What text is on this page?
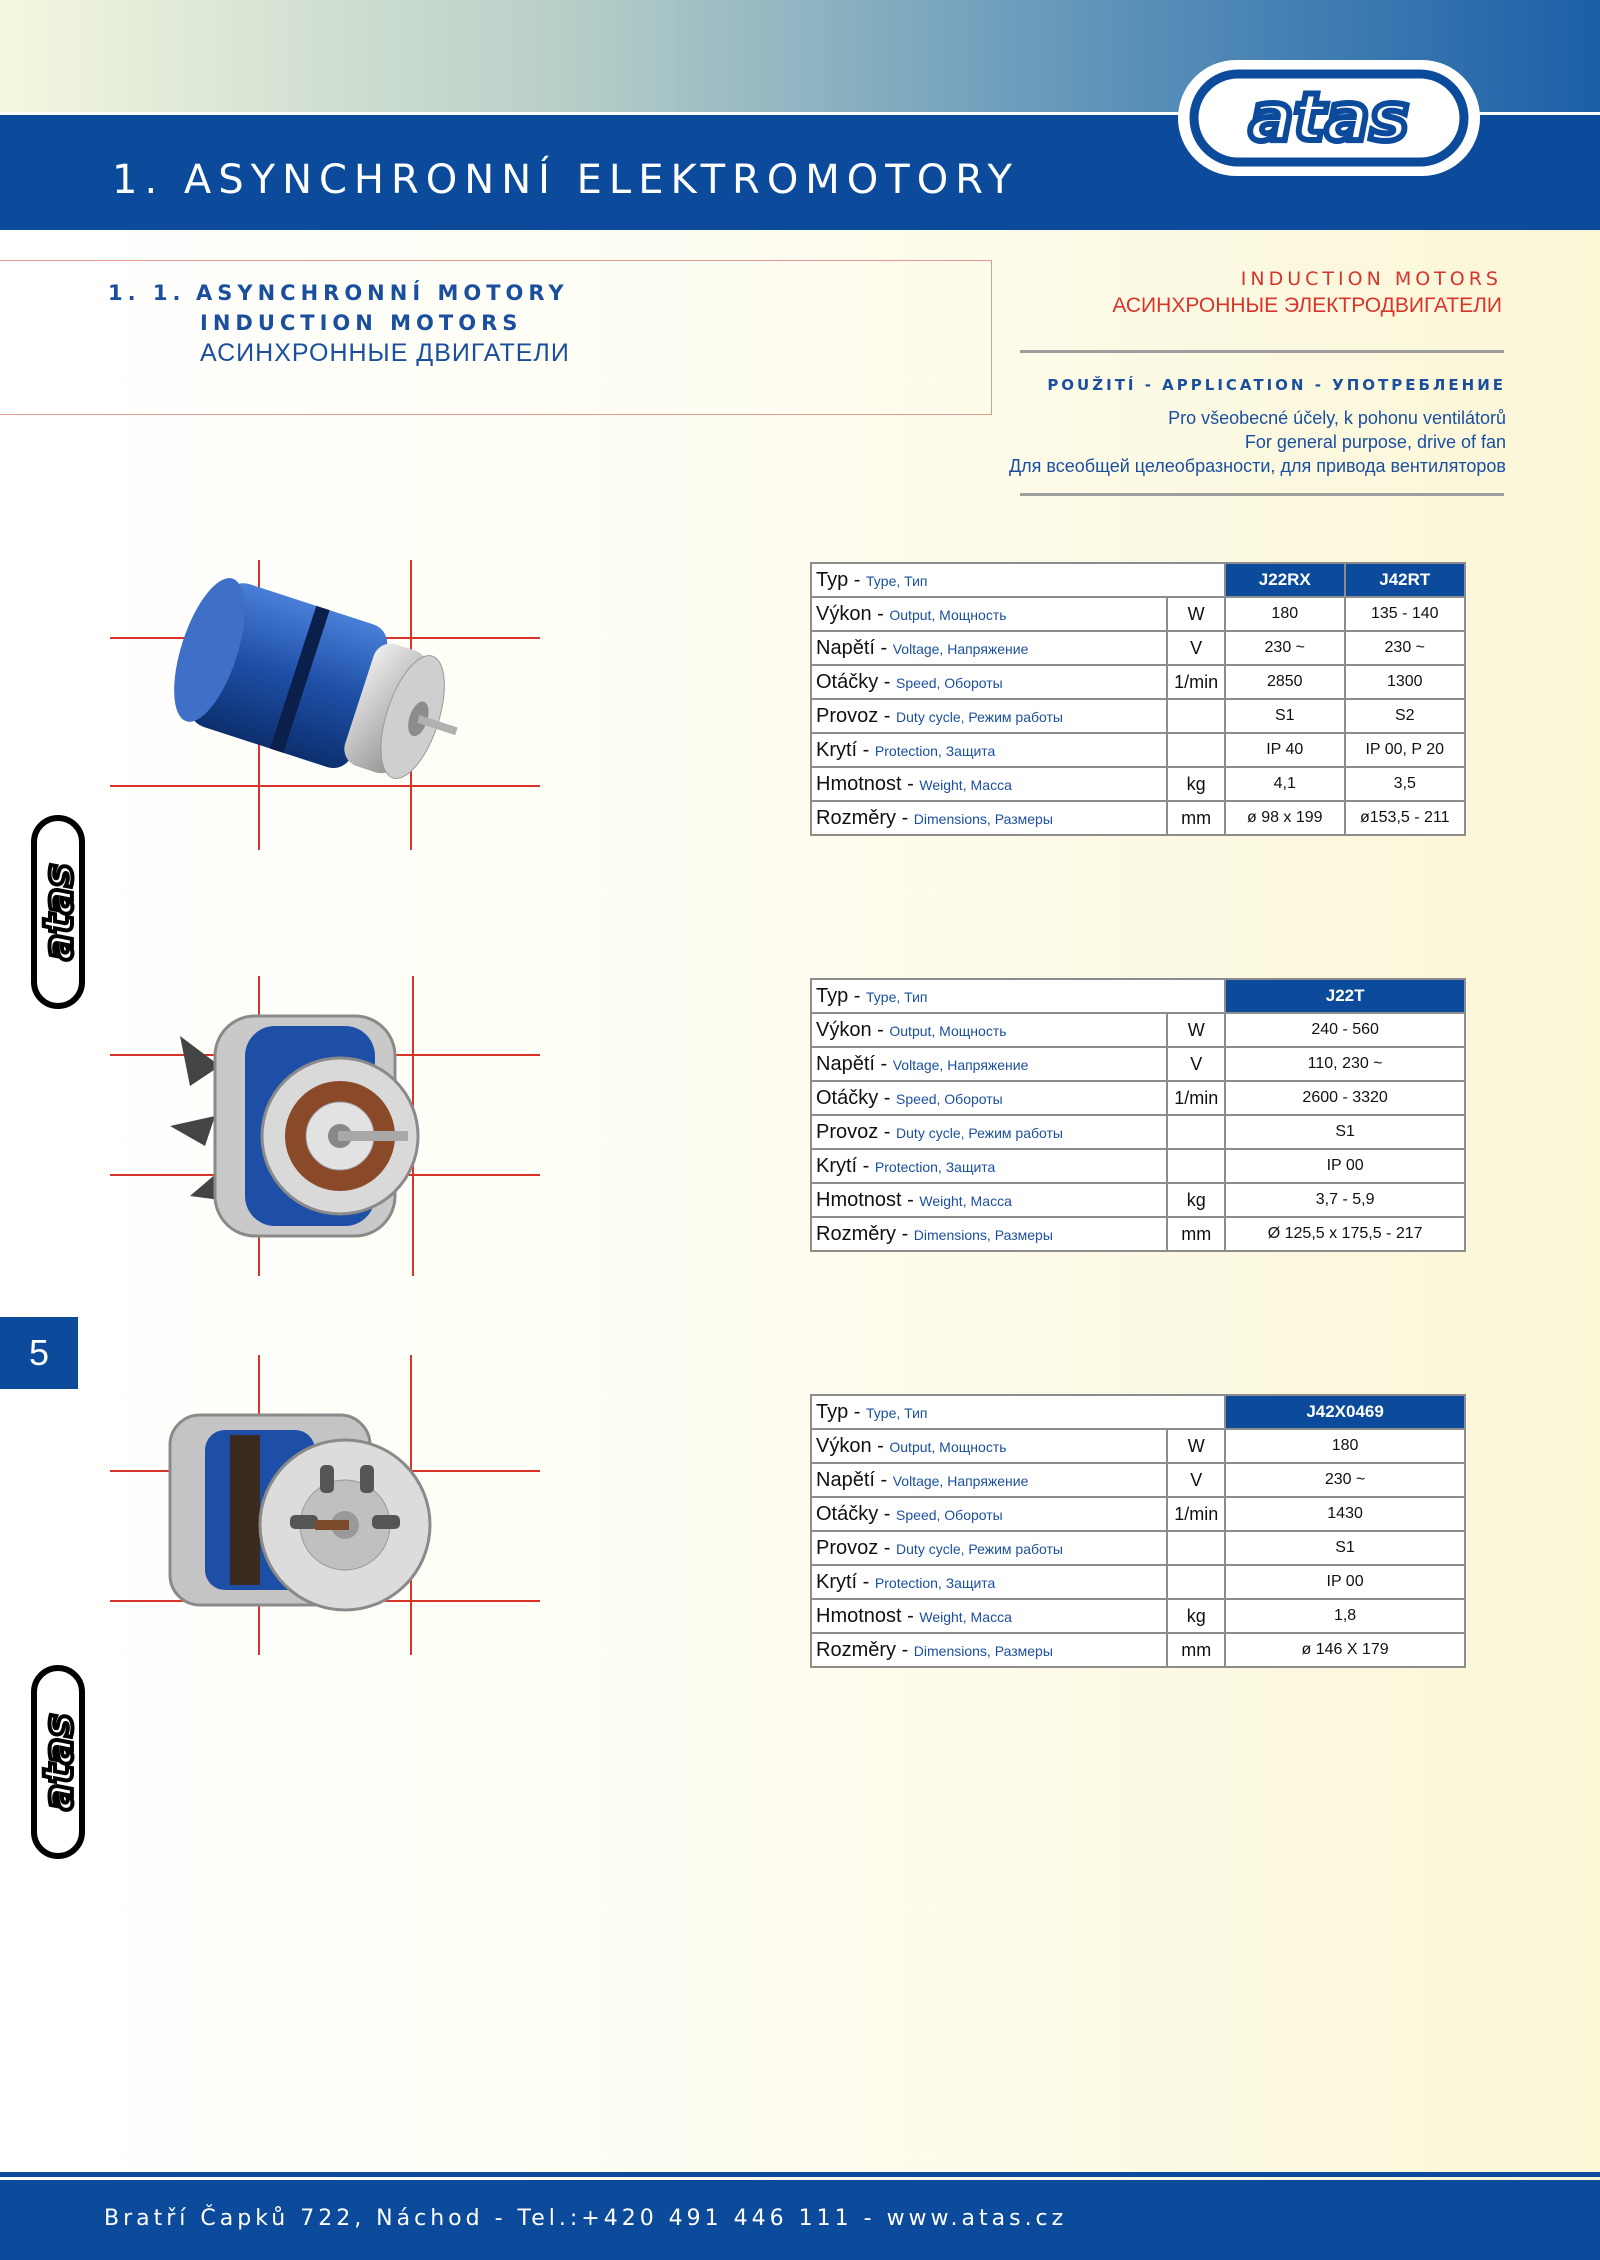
1. ASYNCHRONNÍ ELEKTROMOTORY
atas
1. 1. ASYNCHRONNÍ MOTORY
INDUCTION MOTORS
АСИНХРОННЫЕ ДВИГАТЕЛИ
INDUCTION MOTORS
АСИНХРОННЫЕ ЭЛЕКТРОДВИГАТЕЛИ
POUŽITÍ - APPLICATION - УПОТРЕБЛЕНИЕ
Pro všeobecné účely, k pohonu ventilátorů
For general purpose, drive of fan
Для всеобщей целеобразности, для привода вентиляторов
atas
atas
Typ - Type, Тип		J22RX	J42RT
Výkon - Output, Мощность	W	180	135 - 140
Napětí - Voltage, Напряжение	V	230 ~	230 ~
Otáčky - Speed, Обороты	1/min	2850	1300
Provoz - Duty cycle, Режим работы		S1	S2
Krytí - Protection, Защита		IP 40	IP 00, P 20
Hmotnost - Weight, Масса	kg	4,1	3,5
Rozměry - Dimensions, Размеры	mm	ø 98 x 199	ø153,5 - 211
Typ - Type, Тип		J22T
Výkon - Output, Мощность	W	240 - 560
Napětí - Voltage, Напряжение	V	110, 230 ~
Otáčky - Speed, Обороты	1/min	2600 - 3320
Provoz - Duty cycle, Режим работы		S1
Krytí - Protection, Защита		IP 00
Hmotnost - Weight, Масса	kg	3,7 - 5,9
Rozměry - Dimensions, Размеры	mm	Ø 125,5 x 175,5 - 217
Typ - Type, Тип		J42X0469
Výkon - Output, Мощность	W	180
Napětí - Voltage, Напряжение	V	230 ~
Otáčky - Speed, Обороты	1/min	1430
Provoz - Duty cycle, Режим работы		S1
Krytí - Protection, Защита		IP 00
Hmotnost - Weight, Масса	kg	1,8
Rozměry - Dimensions, Размеры	mm	ø 146 X 179
5
Bratří Čapků 722, Náchod - Tel.:+420 491 446 111 - www.atas.cz
